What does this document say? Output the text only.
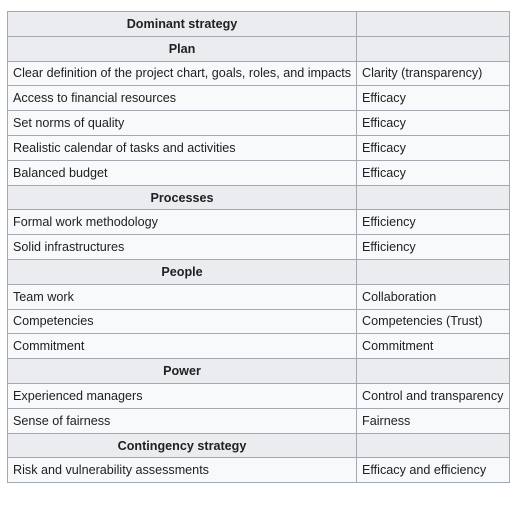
Dominant strategy	
Plan	
Clear definition of the project chart, goals, roles, and impacts	Clarity (transparency)
Access to financial resources	Efficacy
Set norms of quality	Efficacy
Realistic calendar of tasks and activities	Efficacy
Balanced budget	Efficacy
Processes	
Formal work methodology	Efficiency
Solid infrastructures	Efficiency
People	
Team work	Collaboration
Competencies	Competencies (Trust)
Commitment	Commitment
Power	
Experienced managers	Control and transparency
Sense of fairness	Fairness
Contingency strategy	
Risk and vulnerability assessments	Efficacy and efficiency
